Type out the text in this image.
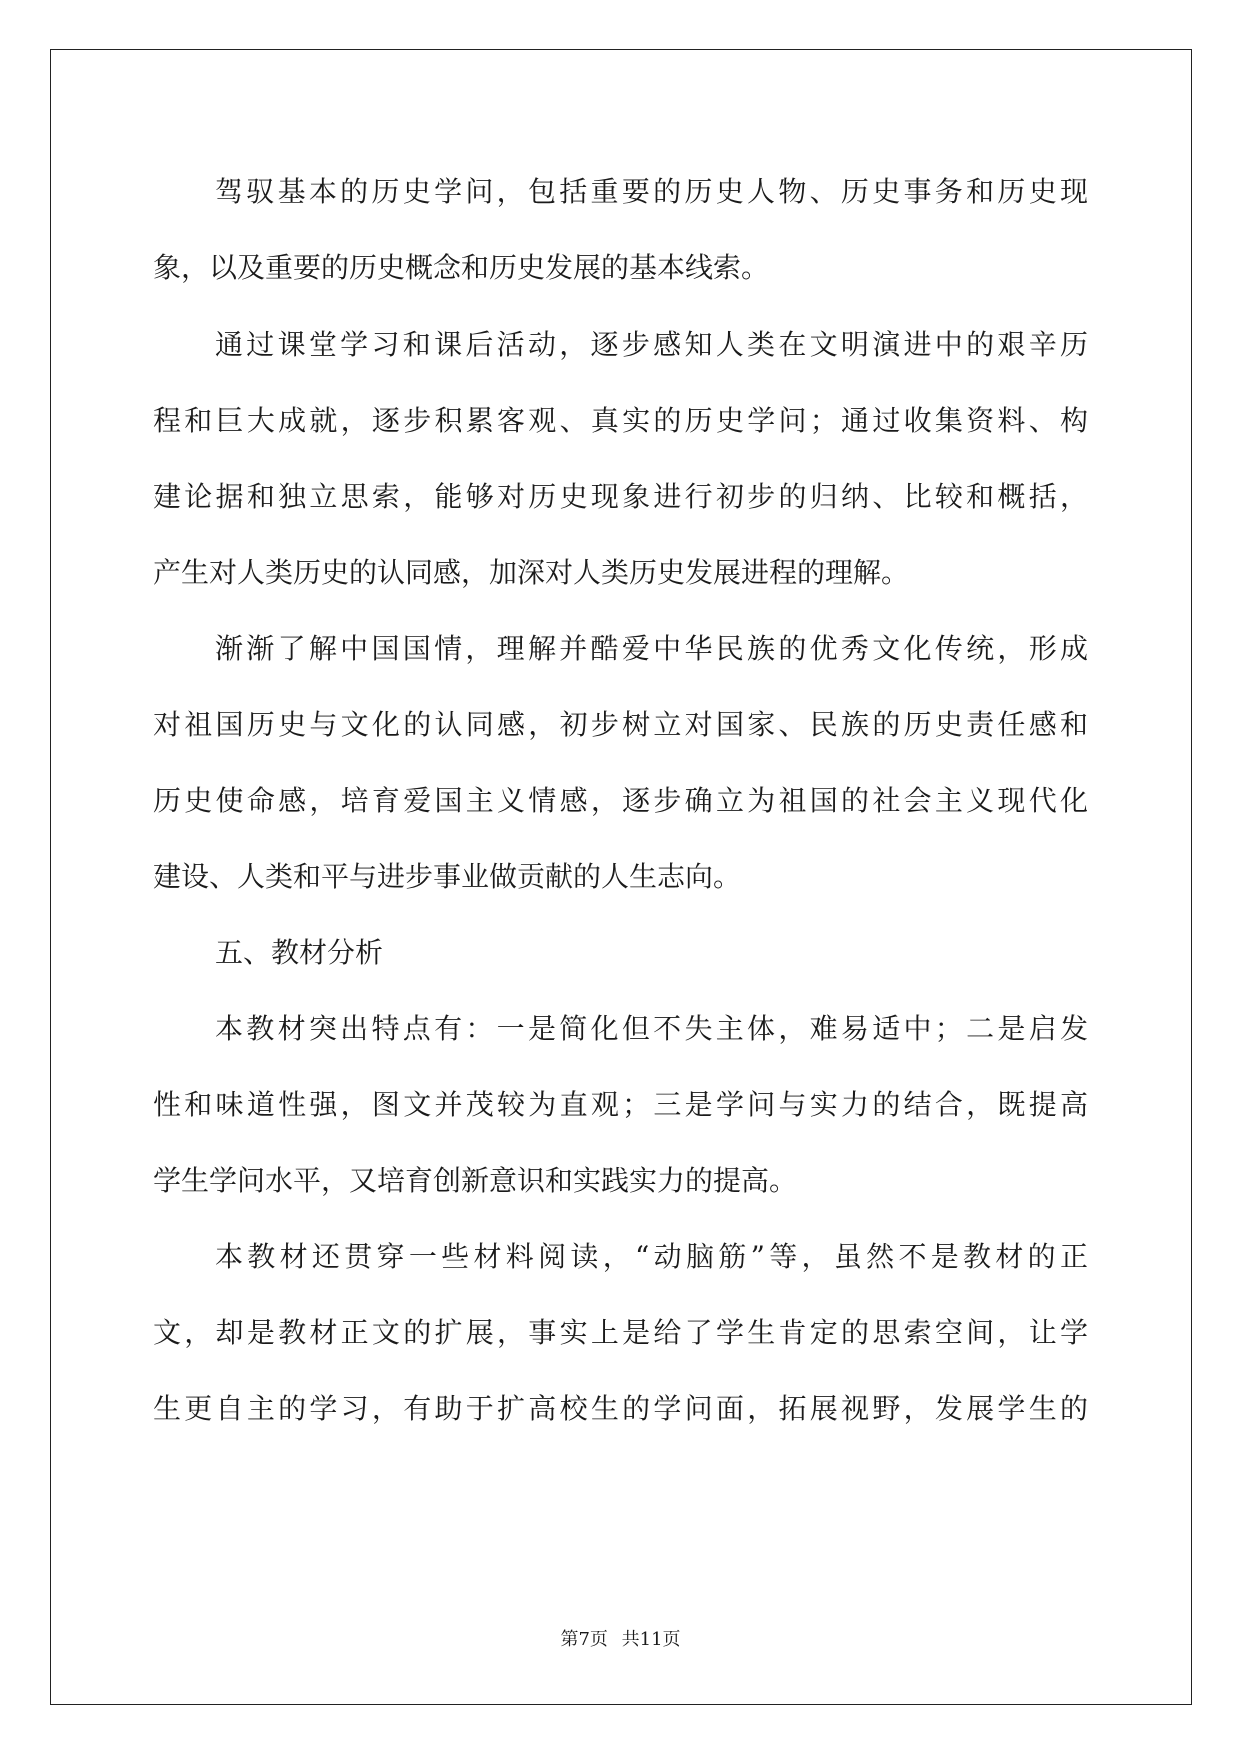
驾驭基本的历史学问，包括重要的历史人物、历史事务和历史现
象，以及重要的历史概念和历史发展的基本线索。
通过课堂学习和课后活动，逐步感知人类在文明演进中的艰辛历
程和巨大成就，逐步积累客观、真实的历史学问；通过收集资料、构
建论据和独立思索，能够对历史现象进行初步的归纳、比较和概括，
产生对人类历史的认同感，加深对人类历史发展进程的理解。
渐渐了解中国国情，理解并酷爱中华民族的优秀文化传统，形成
对祖国历史与文化的认同感，初步树立对国家、民族的历史责任感和
历史使命感，培育爱国主义情感，逐步确立为祖国的社会主义现代化
建设、人类和平与进步事业做贡献的人生志向。
五、教材分析
本教材突出特点有：一是简化但不失主体，难易适中；二是启发
性和味道性强，图文并茂较为直观；三是学问与实力的结合，既提高
学生学问水平，又培育创新意识和实践实力的提高。
本教材还贯穿一些材料阅读，“动脑筋”等，虽然不是教材的正
文，却是教材正文的扩展，事实上是给了学生肯定的思索空间，让学
生更自主的学习，有助于扩高校生的学问面，拓展视野，发展学生的
第7页 共11页
